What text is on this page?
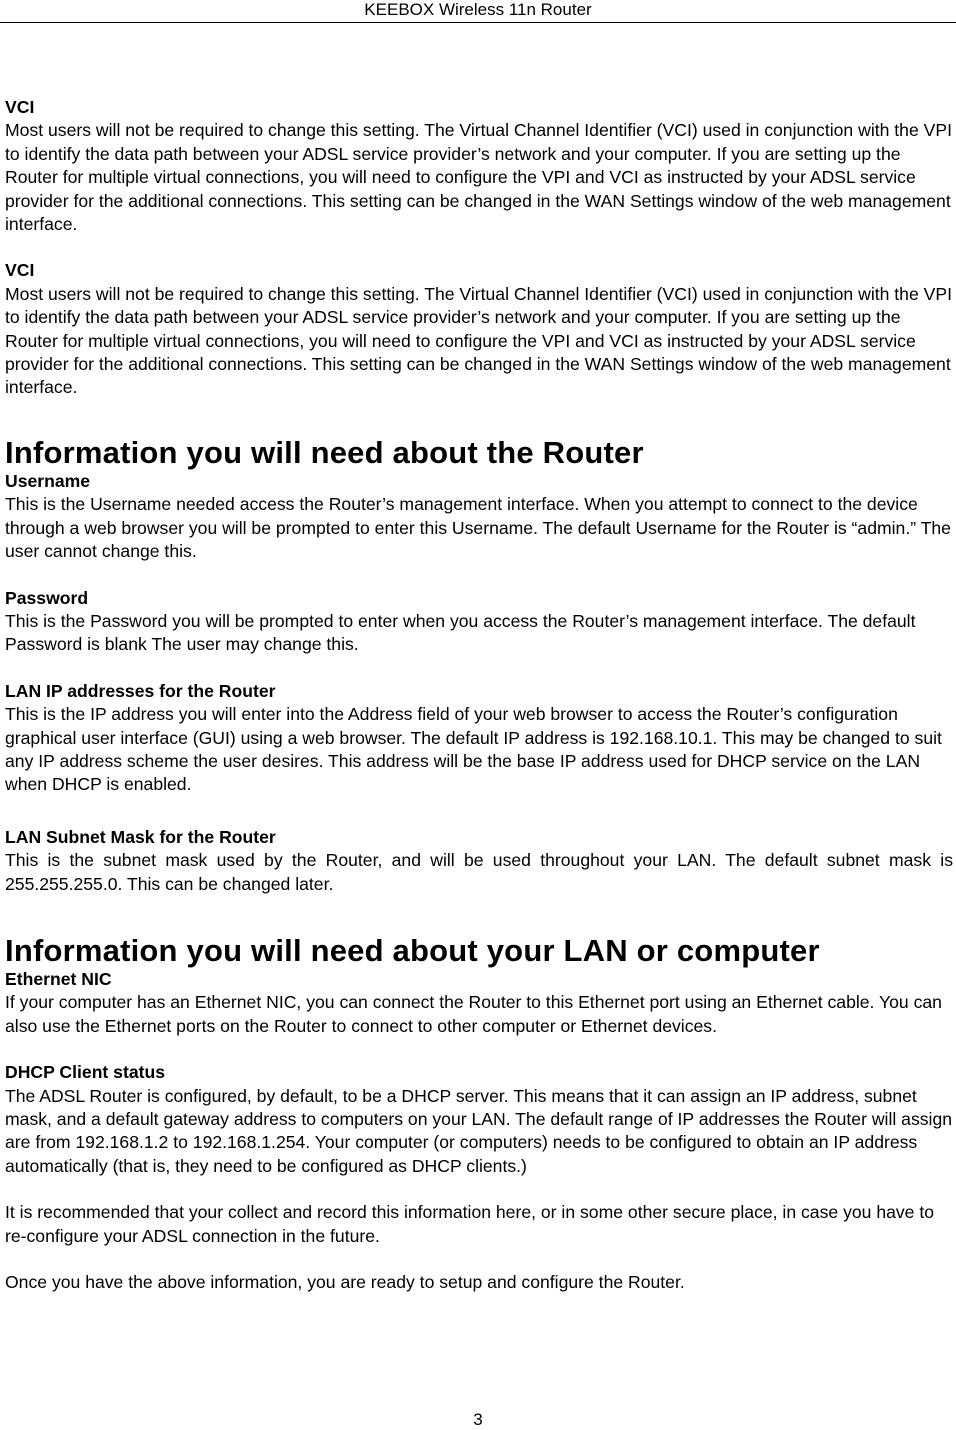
KEEBOX Wireless 11n Router

VCI

Most users will not be required to change this setting. The Virtual Channel Identifier (VCI) used in conjunction with the VPI to identify the data path between your ADSL service provider’s network and your computer. If you are setting up the Router for multiple virtual connections, you will need to configure the VPI and VCI as instructed by your ADSL service provider for the additional connections. This setting can be changed in the WAN Settings window of the web management interface.

VCI

Most users will not be required to change this setting. The Virtual Channel Identifier (VCI) used in conjunction with the VPI to identify the data path between your ADSL service provider’s network and your computer. If you are setting up the Router for multiple virtual connections, you will need to configure the VPI and VCI as instructed by your ADSL service provider for the additional connections. This setting can be changed in the WAN Settings window of the web management interface.

Information you will need about the Router

Username

This is the Username needed access the Router’s management interface. When you attempt to connect to the device through a web browser you will be prompted to enter this Username. The default Username for the Router is “admin.” The user cannot change this.

Password

This is the Password you will be prompted to enter when you access the Router’s management interface. The default Password is blank The user may change this.

LAN IP addresses for the Router

This is the IP address you will enter into the Address field of your web browser to access the Router’s configuration graphical user interface (GUI) using a web browser. The default IP address is 192.168.10.1. This may be changed to suit any IP address scheme the user desires. This address will be the base IP address used for DHCP service on the LAN when DHCP is enabled.

LAN Subnet Mask for the Router

This is the subnet mask used by the Router, and will be used throughout your LAN. The default subnet mask is 255.255.255.0. This can be changed later.

Information you will need about your LAN or computer

Ethernet NIC

If your computer has an Ethernet NIC, you can connect the Router to this Ethernet port using an Ethernet cable. You can also use the Ethernet ports on the Router to connect to other computer or Ethernet devices.

DHCP Client status

The ADSL Router is configured, by default, to be a DHCP server. This means that it can assign an IP address, subnet mask, and a default gateway address to computers on your LAN. The default range of IP addresses the Router will assign are from 192.168.1.2 to 192.168.1.254. Your computer (or computers) needs to be configured to obtain an IP address automatically (that is, they need to be configured as DHCP clients.)

It is recommended that your collect and record this information here, or in some other secure place, in case you have to re-configure your ADSL connection in the future.

Once you have the above information, you are ready to setup and configure the Router.

3
